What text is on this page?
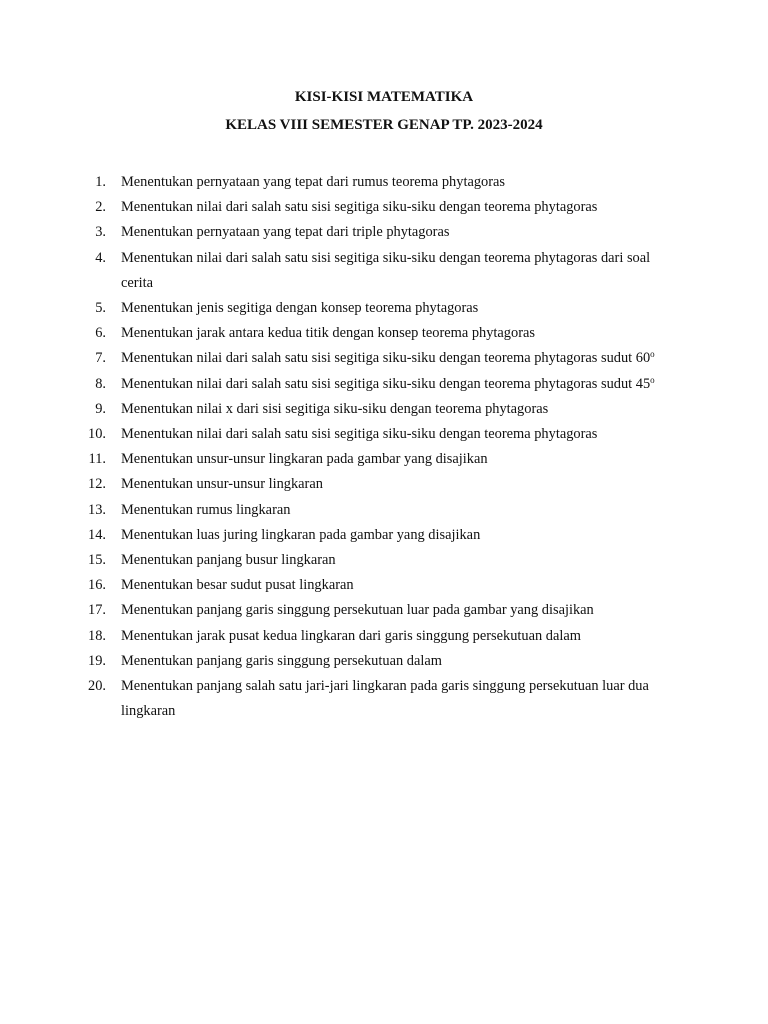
KISI-KISI MATEMATIKA

KELAS VIII SEMESTER GENAP TP. 2023-2024

1. Menentukan pernyataan yang tepat dari rumus teorema phytagoras
2. Menentukan nilai dari salah satu sisi segitiga siku-siku dengan teorema phytagoras
3. Menentukan pernyataan yang tepat dari triple phytagoras
4. Menentukan nilai dari salah satu sisi segitiga siku-siku dengan teorema phytagoras dari soal cerita
5. Menentukan jenis segitiga dengan konsep teorema phytagoras
6. Menentukan jarak antara kedua titik dengan konsep teorema phytagoras
7. Menentukan nilai dari salah satu sisi segitiga siku-siku dengan teorema phytagoras sudut 60$^o$
8. Menentukan nilai dari salah satu sisi segitiga siku-siku dengan teorema phytagoras sudut 45$^o$
9. Menentukan nilai x dari sisi segitiga siku-siku dengan teorema phytagoras
10. Menentukan nilai dari salah satu sisi segitiga siku-siku dengan teorema phytagoras
11. Menentukan unsur-unsur lingkaran pada gambar yang disajikan
12. Menentukan unsur-unsur lingkaran
13. Menentukan rumus lingkaran
14. Menentukan luas juring lingkaran pada gambar yang disajikan
15. Menentukan panjang busur lingkaran
16. Menentukan besar sudut pusat lingkaran
17. Menentukan panjang garis singgung persekutuan luar pada gambar yang disajikan
18. Menentukan jarak pusat kedua lingkaran dari garis singgung persekutuan dalam
19. Menentukan panjang garis singgung persekutuan dalam
20. Menentukan panjang salah satu jari-jari lingkaran pada garis singgung persekutuan luar dua lingkaran
